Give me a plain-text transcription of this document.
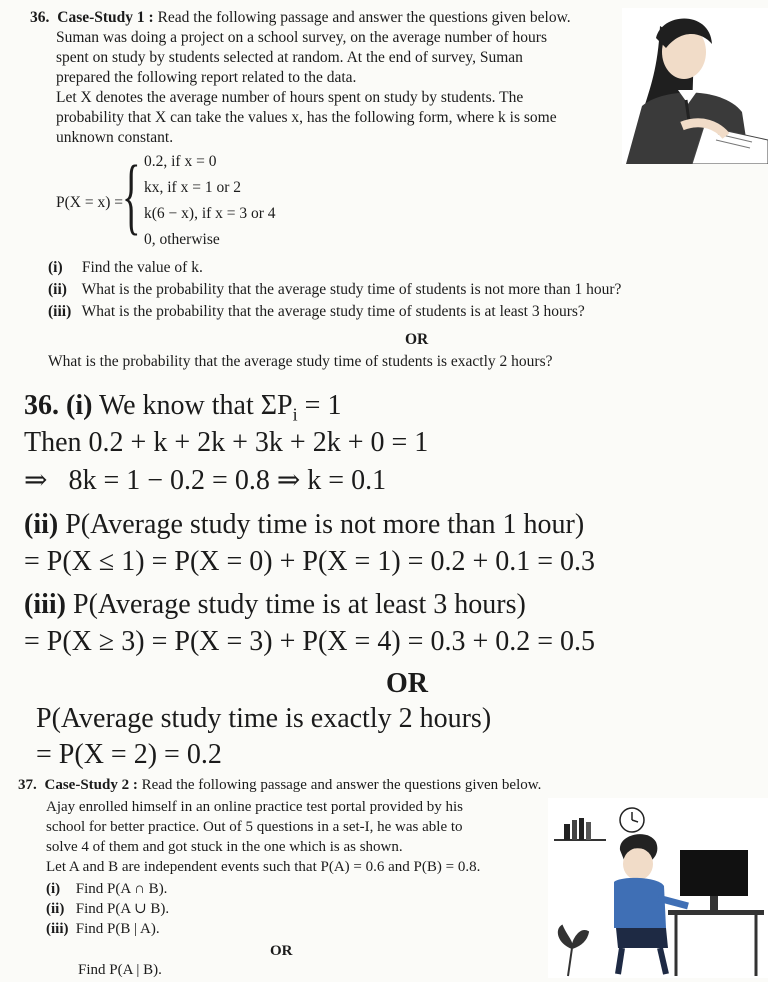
36. Case-Study 1 : Read the following passage and answer the questions given below.
Suman was doing a project on a school survey, on the average number of hours
spent on study by students selected at random. At the end of survey, Suman
prepared the following report related to the data.
Let X denotes the average number of hours spent on study by students. The
probability that X can take the values x, has the following form, where k is some
unknown constant.
P(X = x) = { 0.2, if x = 0
kx, if x = 1 or 2
k(6 − x), if x = 3 or 4
0, otherwise
(i) Find the value of k.
(ii) What is the probability that the average study time of students is not more than 1 hour?
(iii) What is the probability that the average study time of students is at least 3 hours?
OR
What is the probability that the average study time of students is exactly 2 hours?
36. (i) We know that $\Sigma P_i = 1$
Then 0.2 + k + 2k + 3k + 2k + 0 = 1
⇒   8k = 1 − 0.2 = 0.8 ⇒ k = 0.1
(ii) P(Average study time is not more than 1 hour)
= P(X ≤ 1) = P(X = 0) + P(X = 1) = 0.2 + 0.1 = 0.3
(iii) P(Average study time is at least 3 hours)
= P(X ≥ 3) = P(X = 3) + P(X = 4) = 0.3 + 0.2 = 0.5
OR
P(Average study time is exactly 2 hours)
= P(X = 2) = 0.2
37. Case-Study 2 : Read the following passage and answer the questions given below.
Ajay enrolled himself in an online practice test portal provided by his
school for better practice. Out of 5 questions in a set-I, he was able to
solve 4 of them and got stuck in the one which is as shown.
Let A and B are independent events such that P(A) = 0.6 and P(B) = 0.8.
(i) Find P(A ∩ B).
(ii) Find P(A ∪ B).
(iii) Find P(B | A).
OR
Find P(A | B).
